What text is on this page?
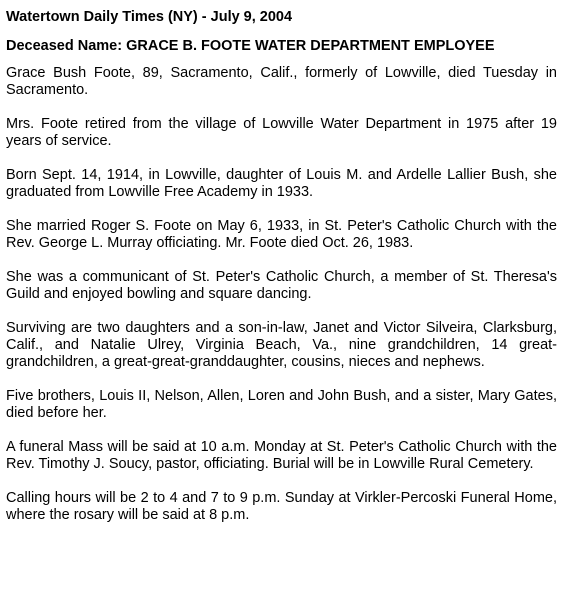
Watertown Daily Times (NY) - July 9, 2004
Deceased Name: GRACE B. FOOTE WATER DEPARTMENT EMPLOYEE

Grace Bush Foote, 89, Sacramento, Calif., formerly of Lowville, died Tuesday in Sacramento.

Mrs. Foote retired from the village of Lowville Water Department in 1975 after 19 years of service.

Born Sept. 14, 1914, in Lowville, daughter of Louis M. and Ardelle Lallier Bush, she graduated from Lowville Free Academy in 1933.

She married Roger S. Foote on May 6, 1933, in St. Peter's Catholic Church with the Rev. George L. Murray officiating. Mr. Foote died Oct. 26, 1983.

She was a communicant of St. Peter's Catholic Church, a member of St. Theresa's Guild and enjoyed bowling and square dancing.

Surviving are two daughters and a son-in-law, Janet and Victor Silveira, Clarksburg, Calif., and Natalie Ulrey, Virginia Beach, Va., nine grandchildren, 14 great- grandchildren, a great-great-granddaughter, cousins, nieces and nephews.

Five brothers, Louis II, Nelson, Allen, Loren and John Bush, and a sister, Mary Gates, died before her.

A funeral Mass will be said at 10 a.m. Monday at St. Peter's Catholic Church with the Rev. Timothy J. Soucy, pastor, officiating. Burial will be in Lowville Rural Cemetery.

Calling hours will be 2 to 4 and 7 to 9 p.m. Sunday at Virkler-Percoski Funeral Home, where the rosary will be said at 8 p.m.
